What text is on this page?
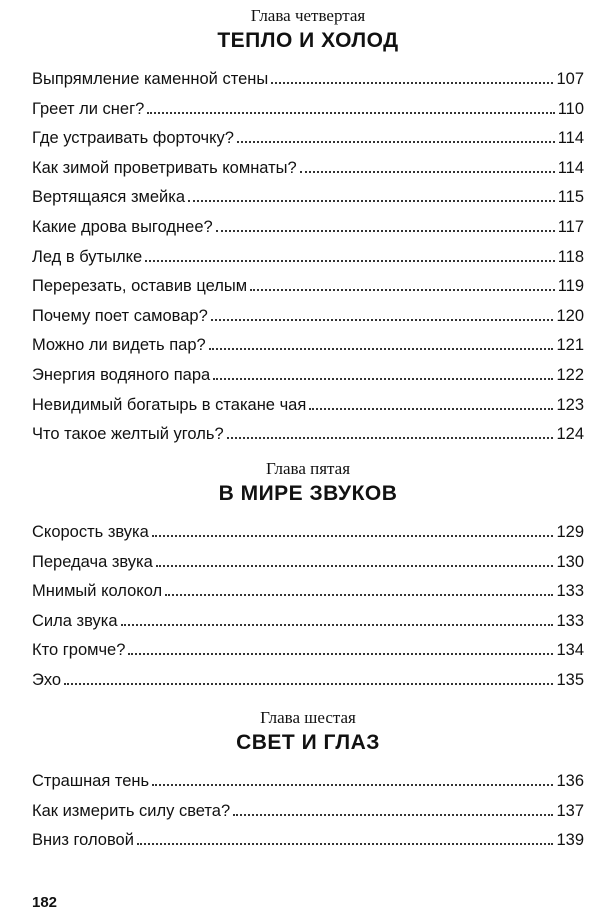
Глава четвертая
ТЕПЛО И ХОЛОД
Выпрямление каменной стены	107
Греет ли снег?	110
Где устраивать форточку?	114
Как зимой проветривать комнаты?	114
Вертящаяся змейка	115
Какие дрова выгоднее?	117
Лед в бутылке	118
Перерезать, оставив целым	119
Почему поет самовар?	120
Можно ли видеть пар?	121
Энергия водяного пара	122
Невидимый богатырь в стакане чая	123
Что такое желтый уголь?	124
Глава пятая
В МИРЕ ЗВУКОВ
Скорость звука	129
Передача звука	130
Мнимый колокол	133
Сила звука	133
Кто громче?	134
Эхо	135
Глава шестая
СВЕТ И ГЛАЗ
Страшная тень	136
Как измерить силу света?	137
Вниз головой	139
182
